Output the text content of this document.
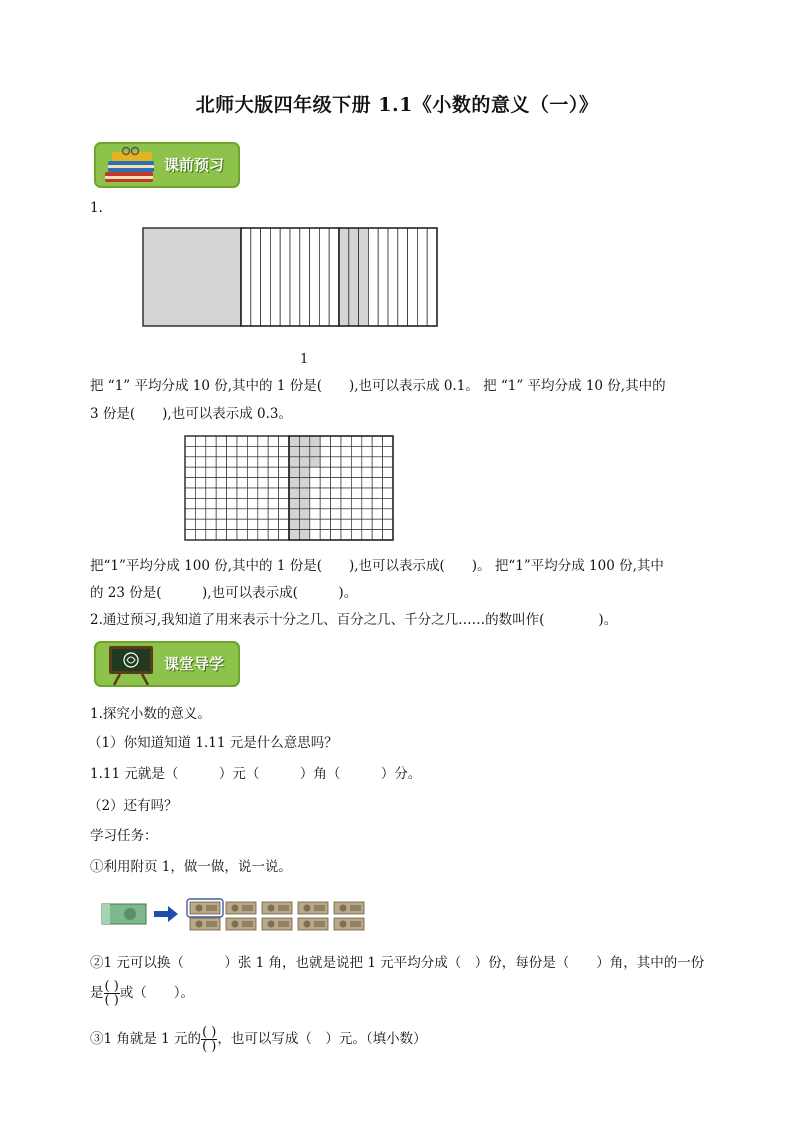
北师大版四年级下册 1.1《小数的意义（一）》
课前预习
1.
1
把 “1” 平均分成 10 份,其中的 1 份是(　　),也可以表示成 0.1。 把 “1” 平均分成 10 份,其中的
3 份是(　　),也可以表示成 0.3。
把“1”平均分成 100 份,其中的 1 份是(　　),也可以表示成(　　)。 把“1”平均分成 100 份,其中
的 23 份是(　　　),也可以表示成(　　　)。
2.通过预习,我知道了用来表示十分之几、百分之几、千分之几……的数叫作(　　　　)。
课堂导学
1.探究小数的意义。
（1）你知道知道 1.11 元是什么意思吗？
1.11 元就是（　　　）元（　　　）角（　　　）分。
（2）还有吗？
学习任务：
①利用附页 1，做一做，说一说。
②1 元可以换（　　　）张 1 角，也就是说把 1 元平均分成（　）份，每份是（　　）角，其中的一份
是 $\frac{( )}{( )}$ 或（　　）。
③1 角就是 1 元的 $\frac{( )}{( )}$ ，也可以写成（　）元。（填小数）
